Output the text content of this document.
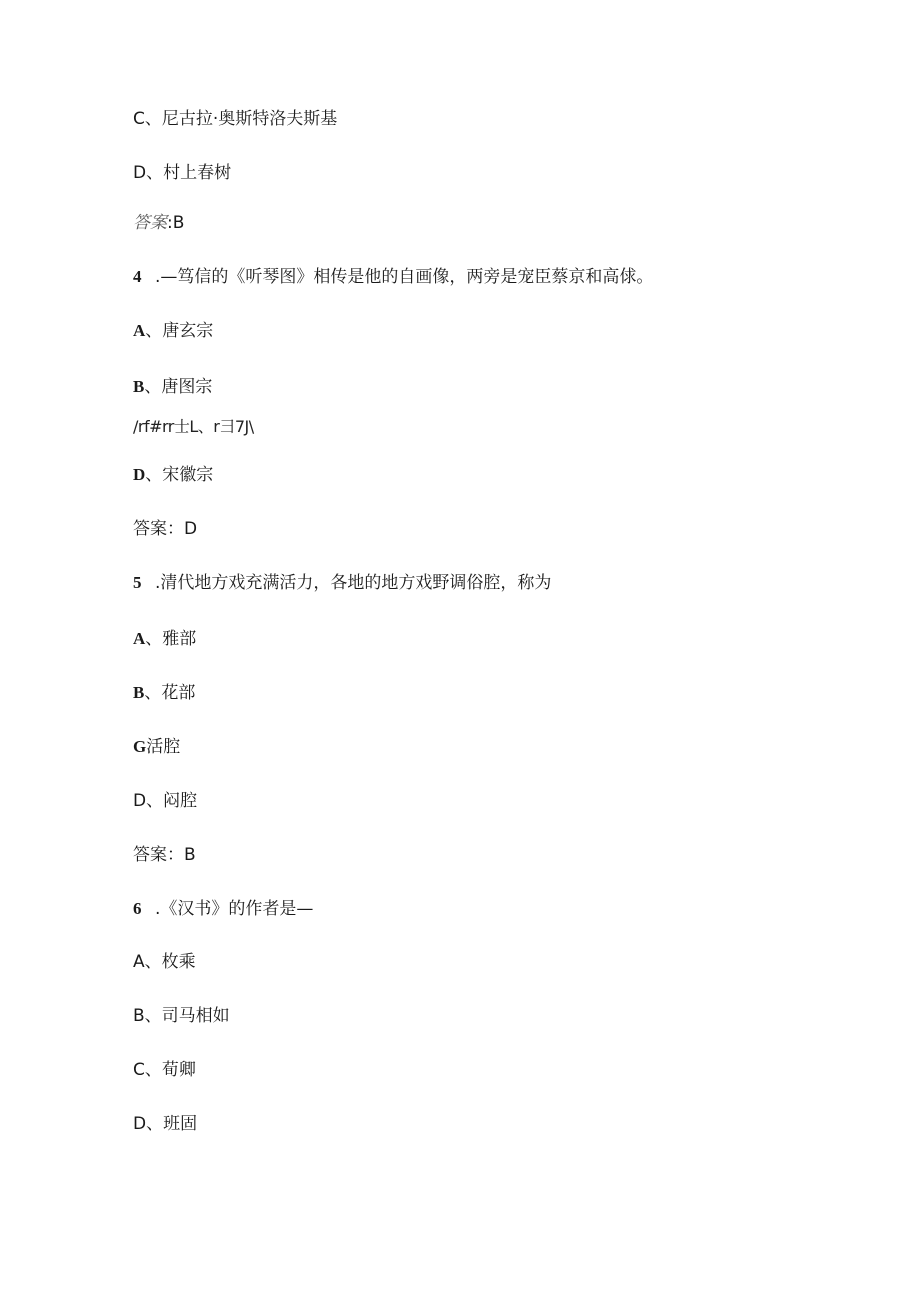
C、尼古拉·奥斯特洛夫斯基
D、村上春树
答案:B
4 .—笃信的《听琴图》相传是他的自画像，两旁是宠臣蔡京和高俅。
A、唐玄宗
B、唐图宗
/rf#rr士L、r彐7J\
D、宋徽宗
答案：D
5 .清代地方戏充满活力，各地的地方戏野调俗腔，称为
A、雅部
B、花部
G活腔
D、闷腔
答案：B
6 .《汉书》的作者是—
A、枚乘
B、司马相如
C、荀卿
D、班固
